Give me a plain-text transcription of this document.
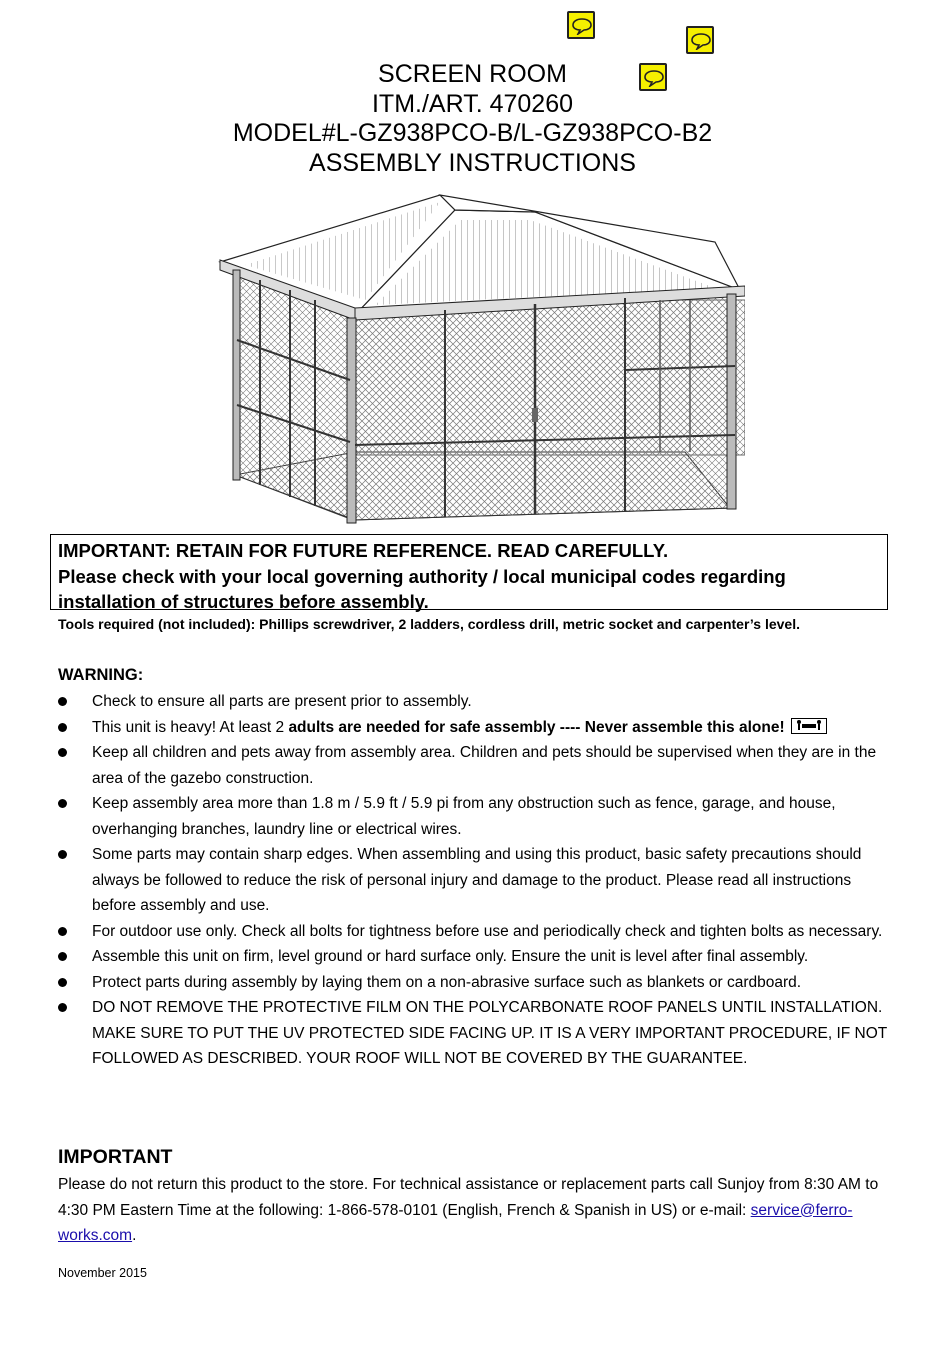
SCREEN ROOM
ITM./ART. 470260
MODEL#L-GZ938PCO-B/L-GZ938PCO-B2
ASSEMBLY INSTRUCTIONS
IMPORTANT: RETAIN FOR FUTURE REFERENCE. READ CAREFULLY.
Please check with your local governing authority / local municipal codes regarding installation of structures before assembly.
Tools required (not included): Phillips screwdriver, 2 ladders, cordless drill, metric socket and carpenter’s level.
WARNING:
Check to ensure all parts are present prior to assembly.
This unit is heavy! At least 2 adults are needed for safe assembly ---- Never assemble this alone!
Keep all children and pets away from assembly area. Children and pets should be supervised when they are in the area of the gazebo construction.
Keep assembly area more than 1.8 m / 5.9 ft / 5.9 pi from any obstruction such as fence, garage, and house, overhanging branches, laundry line or electrical wires.
Some parts may contain sharp edges. When assembling and using this product, basic safety precautions should always be followed to reduce the risk of personal injury and damage to the product. Please read all instructions before assembly and use.
For outdoor use only. Check all bolts for tightness before use and periodically check and tighten bolts as necessary.
Assemble this unit on firm, level ground or hard surface only. Ensure the unit is level after final assembly.
Protect parts during assembly by laying them on a non-abrasive surface such as blankets or cardboard.
DO NOT REMOVE THE PROTECTIVE FILM ON THE POLYCARBONATE ROOF PANELS UNTIL INSTALLATION. MAKE SURE TO PUT THE UV PROTECTED SIDE FACING UP. IT IS A VERY IMPORTANT PROCEDURE, IF NOT FOLLOWED AS DESCRIBED. YOUR ROOF WILL NOT BE COVERED BY THE GUARANTEE.
IMPORTANT
Please do not return this product to the store. For technical assistance or replacement parts call Sunjoy from 8:30 AM to 4:30 PM Eastern Time at the following: 1-866-578-0101 (English, French & Spanish in US) or e-mail: service@ferro-works.com.
November 2015
